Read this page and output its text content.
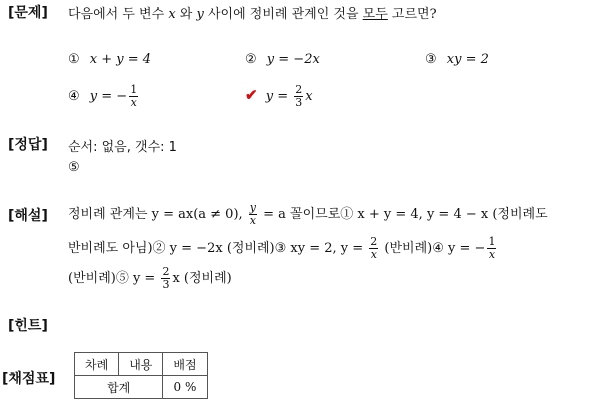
[문제]
[정답]
[해설]
[힌트]
[채점표]
다음에서 두 변수 x 와 y 사이에 정비례 관계인 것을 모두 고르면?
① x + y = 4	② y = −2x	③ xy = 2
④ y = − $\frac{1}{x}$	✔ $y = \frac{2}{3}$ x
순서: 없음, 갯수: 1
⑤
정비례 관계는 y = ax(a ≠ 0), $\frac{y}{x} = a$ 꼴이므로① x + y = 4, y = 4 − x (정비례도
반비례도 아님)② y = −2x (정비례)③ xy = 2, $y = \frac{2}{x}$ (반비례)④ y = − $\frac{1}{x}$
(반비례)⑤ $y = \frac{2}{3}$ x (정비례)
차례	내용	배점
합계		0 %
